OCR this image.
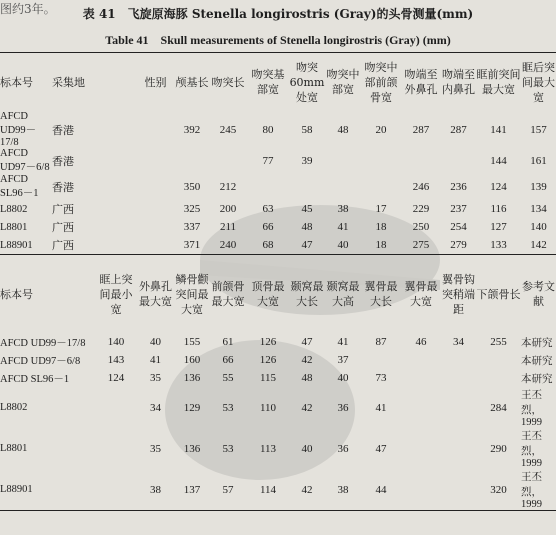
图约3年。	表 41　飞旋原海豚 Stenella longirostris (Gray)的头骨测量(mm)
Table 41　Skull measurements of Stenella longirostris (Gray) (mm)
标本号	采集地		性别	颅基长	吻突长	吻突基部宽	吻突60mm处宽	吻突中部宽	吻突中部前颌骨宽	吻端至外鼻孔	吻端至内鼻孔	眶前突间最大宽	眶后突间最大宽
AFCD UD99－17/8	香港			392	245	80	58	48	20	287	287	141	157
AFCD UD97－6/8	香港					77	39					144	161
AFCD SL96－1	香港			350	212					246	236	124	139
L8802	广西			325	200	63	45	38	17	229	237	116	134
L8801	广西			337	211	66	48	41	18	250	254	127	140
L88901	广西			371	240	68	47	40	18	275	279	133	142
标本号		眶上突间最小宽	外鼻孔最大宽	鳞骨颧突间最大宽	前颌骨最大宽	顶骨最大宽	颞窝最大长	颞窝最大高	翼骨最大长	翼骨最大宽	翼骨钩突稍端距	下颌骨长	参考文献
AFCD UD99－17/8		140	40	155	61	126	47	41	87	46	34	255	本研究
AFCD UD97－6/8		143	41	160	66	126	42	37					本研究
AFCD SL96－1		124	35	136	55	115	48	40	73				本研究
L8802			34	129	53	110	42	36	41			284	王丕烈，1999
L8801			35	136	53	113	40	36	47			290	王丕烈，1999
L88901			38	137	57	114	42	38	44			320	王丕烈，1999
